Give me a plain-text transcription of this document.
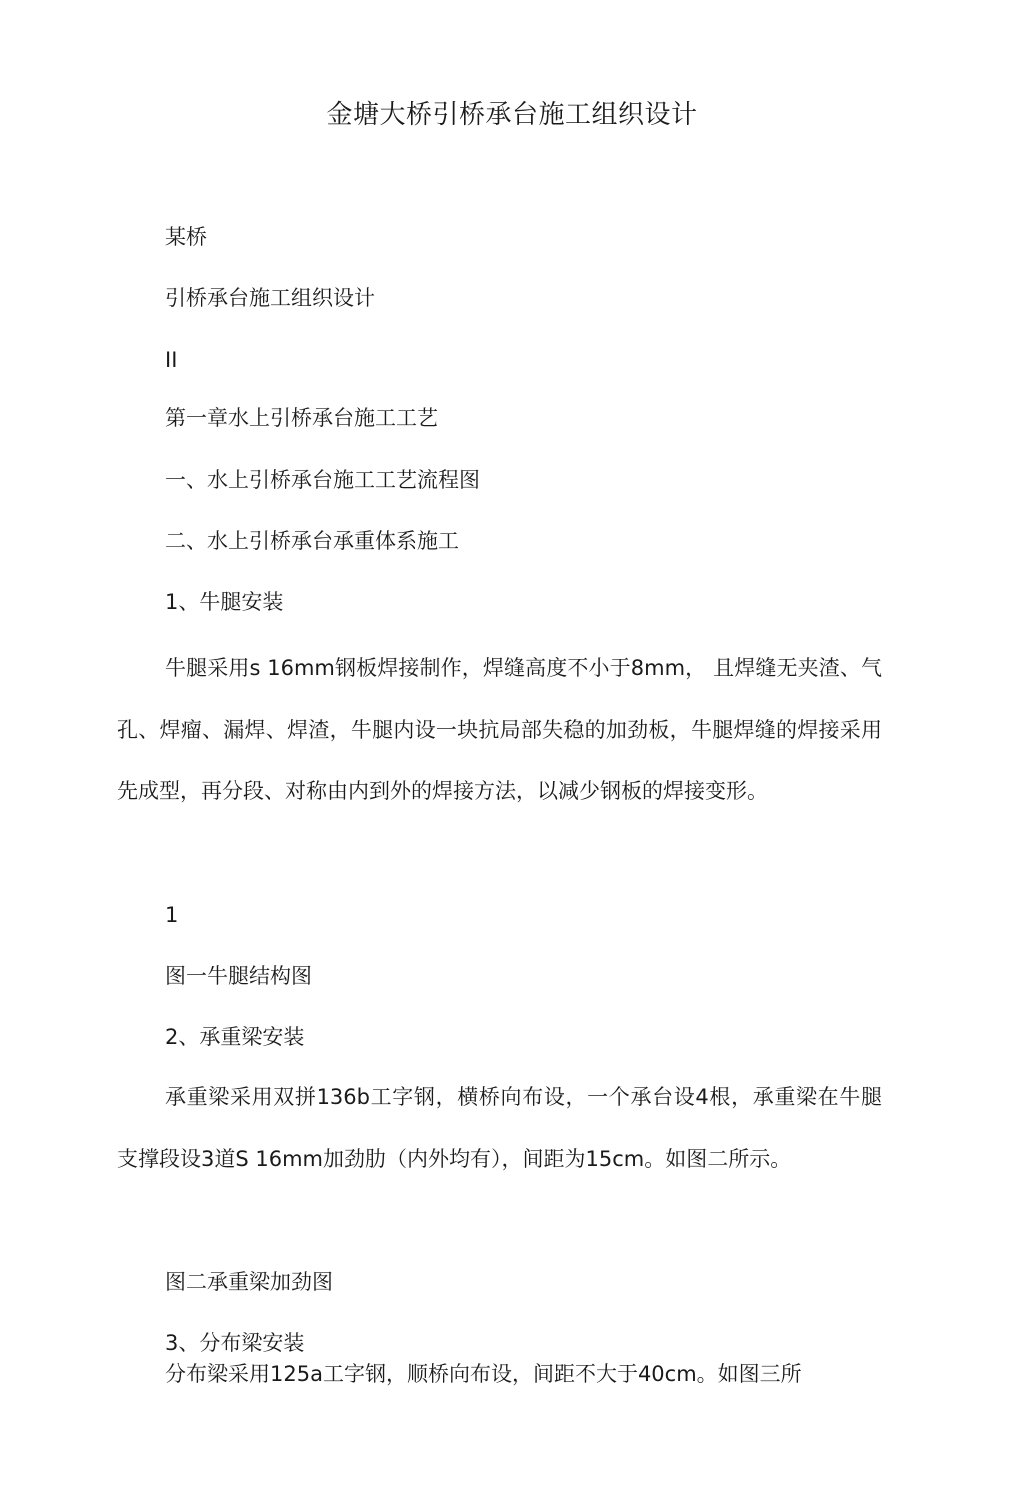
金塘大桥引桥承台施工组织设计
某桥
引桥承台施工组织设计
II
第一章水上引桥承台施工工艺
一、水上引桥承台施工工艺流程图
二、水上引桥承台承重体系施工
1、牛腿安装

牛腿采用s 16mm钢板焊接制作，焊缝高度不小于8mm， 且焊缝无夹渣、气孔、焊瘤、漏焊、焊渣，牛腿内设一块抗局部失稳的加劲板，牛腿焊缝的焊接采用先成型，再分段、对称由内到外的焊接方法，以减少钢板的焊接变形。

1
图一牛腿结构图
2、承重梁安装

承重梁采用双拼136b工字钢，横桥向布设，一个承台设4根，承重梁在牛腿支撑段设3道S 16mm加劲肋（内外均有），间距为15cm。如图二所示。

图二承重梁加劲图
3、分布梁安装

分布梁采用125a工字钢，顺桥向布设，间距不大于40cm。如图三所
